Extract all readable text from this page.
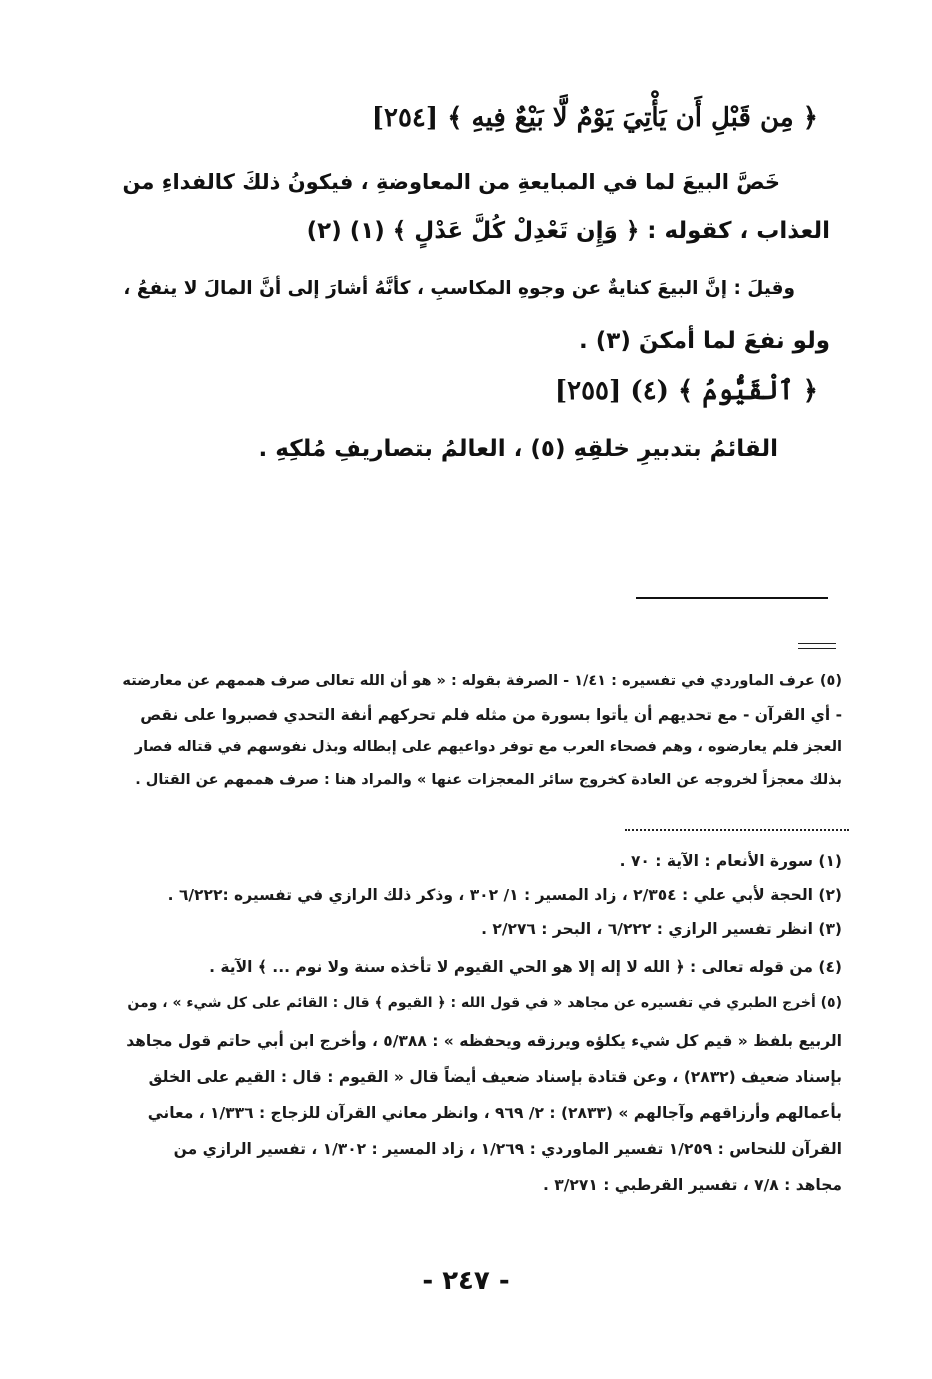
﴿ مِن قَبْلِ أَن يَأْتِيَ يَوْمٌ لَّا بَيْعٌ فِيهِ ﴾ [٢٥٤]
خَصَّ البيعَ لما في المبايعةِ من المعاوضةِ ، فيكونُ ذلكَ كالفداءِ من
العذاب ، كقوله : ﴿ وَإِن تَعْدِلْ كُلَّ عَدْلٍ ﴾ (١) (٢)
وقيلَ : إنَّ البيعَ كنايةٌ عن وجوهِ المكاسبِ ، كأنَّهُ أشارَ إلى أنَّ المالَ لا ينفعُ ،
ولو نفعَ لما أمكنَ (٣) .
﴿ ٱلْقَيُّومُ ﴾ (٤) [٢٥٥]
القائمُ بتدبيرِ خلقِهِ (٥) ، العالمُ بتصاريفِ مُلكِهِ .
(٥) عرف الماوردي في تفسيره : ١/٤١ - الصرفة بقوله : « هو أن الله تعالى صرف هممهم عن معارضته
- أي القرآن - مع تحديهم أن يأتوا بسورة من مثله فلم تحركهم أنفة التحدي فصبروا على نقص
العجز فلم يعارضوه ، وهم فصحاء العرب مع توفر دواعيهم على إبطاله وبذل نفوسهم في قتاله فصار
بذلك معجزاً لخروجه عن العادة كخروج سائر المعجزات عنها » والمراد هنا : صرف هممهم عن القتال .
(١) سورة الأنعام : الآية : ٧٠ .
(٢) الحجة لأبي علي : ٢/٣٥٤ ، زاد المسير : ١/ ٣٠٢ ، وذكر ذلك الرازي في تفسيره :٦/٢٢٢ .
(٣) انظر تفسير الرازي : ٦/٢٢٢ ، البحر : ٢/٢٧٦ .
(٤) من قوله تعالى : ﴿ الله لا إله إلا هو الحي القيوم لا تأخذه سنة ولا نوم ... ﴾ الآية .
(٥) أخرج الطبري في تفسيره عن مجاهد « في قول الله : ﴿ القيوم ﴾ قال : القائم على كل شيء » ، ومن
الربيع بلفظ « قيم كل شيء يكلؤه ويرزقه ويحفظه » : ٥/٣٨٨ ، وأخرج ابن أبي حاتم قول مجاهد
بإسناد ضعيف (٢٨٣٢) ، وعن قتادة بإسناد ضعيف أيضاً قال « القيوم : قال : القيم على الخلق
بأعمالهم وأرزاقهم وآجالهم » (٢٨٣٣) : ٢/ ٩٦٩ ، وانظر معاني القرآن للزجاج : ١/٣٣٦ ، معاني
القرآن للنحاس : ١/٢٥٩ تفسير الماوردي : ١/٢٦٩ ، زاد المسير : ١/٣٠٢ ، تفسير الرازي من
مجاهد : ٧/٨ ، تفسير القرطبي : ٣/٢٧١ .
- ٢٤٧ -
